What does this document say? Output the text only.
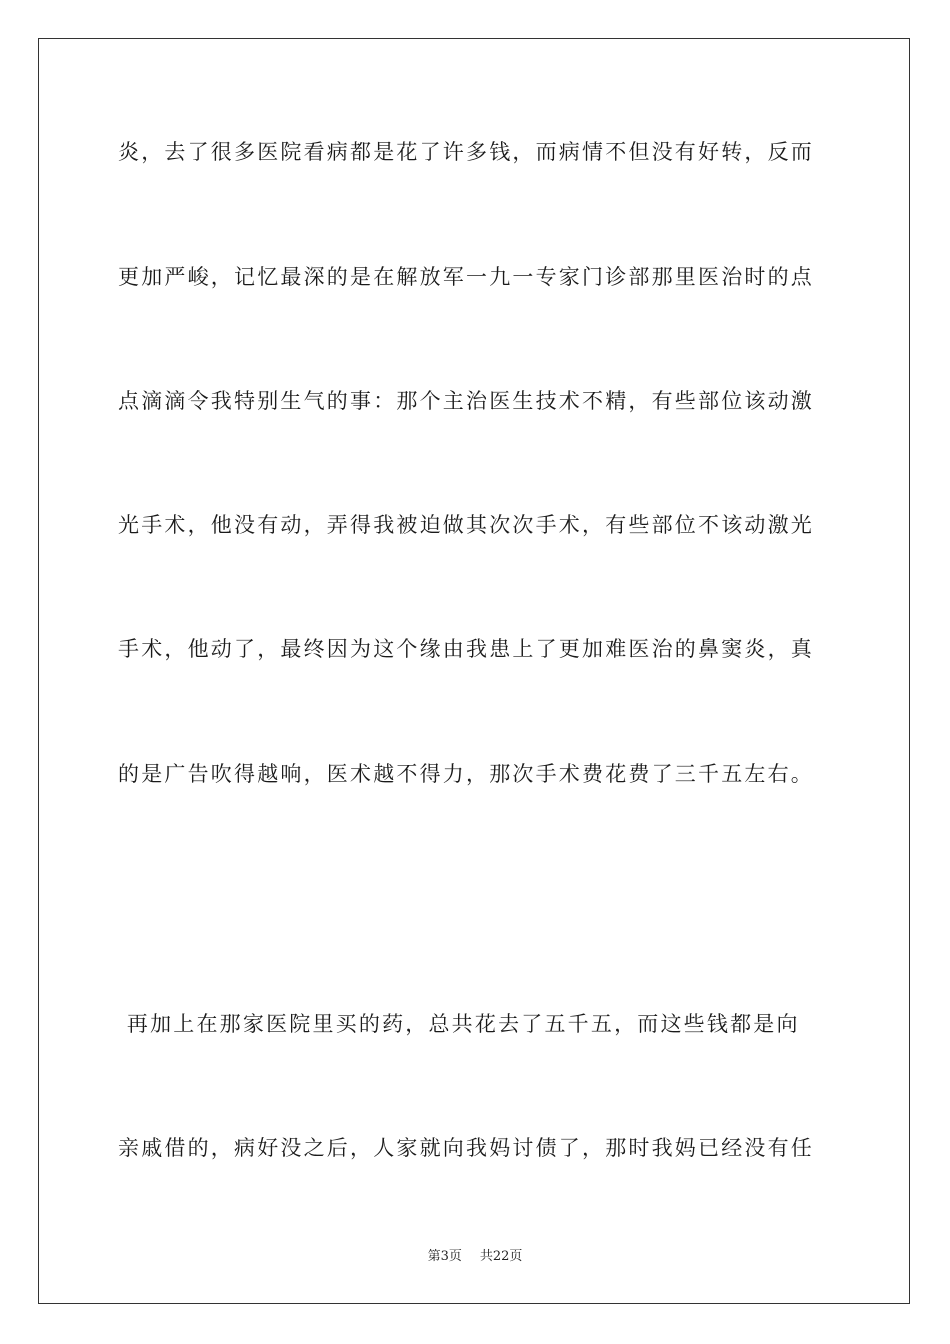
炎，去了很多医院看病都是花了许多钱，而病情不但没有好转，反而
更加严峻，记忆最深的是在解放军一九一专家门诊部那里医治时的点
点滴滴令我特别生气的事：那个主治医生技术不精，有些部位该动激
光手术，他没有动，弄得我被迫做其次次手术，有些部位不该动激光
手术，他动了，最终因为这个缘由我患上了更加难医治的鼻窦炎，真
的是广告吹得越响，医术越不得力，那次手术费花费了三千五左右。
再加上在那家医院里买的药，总共花去了五千五，而这些钱都是向
亲戚借的，病好没之后，人家就向我妈讨债了，那时我妈已经没有任
第3页 共22页
